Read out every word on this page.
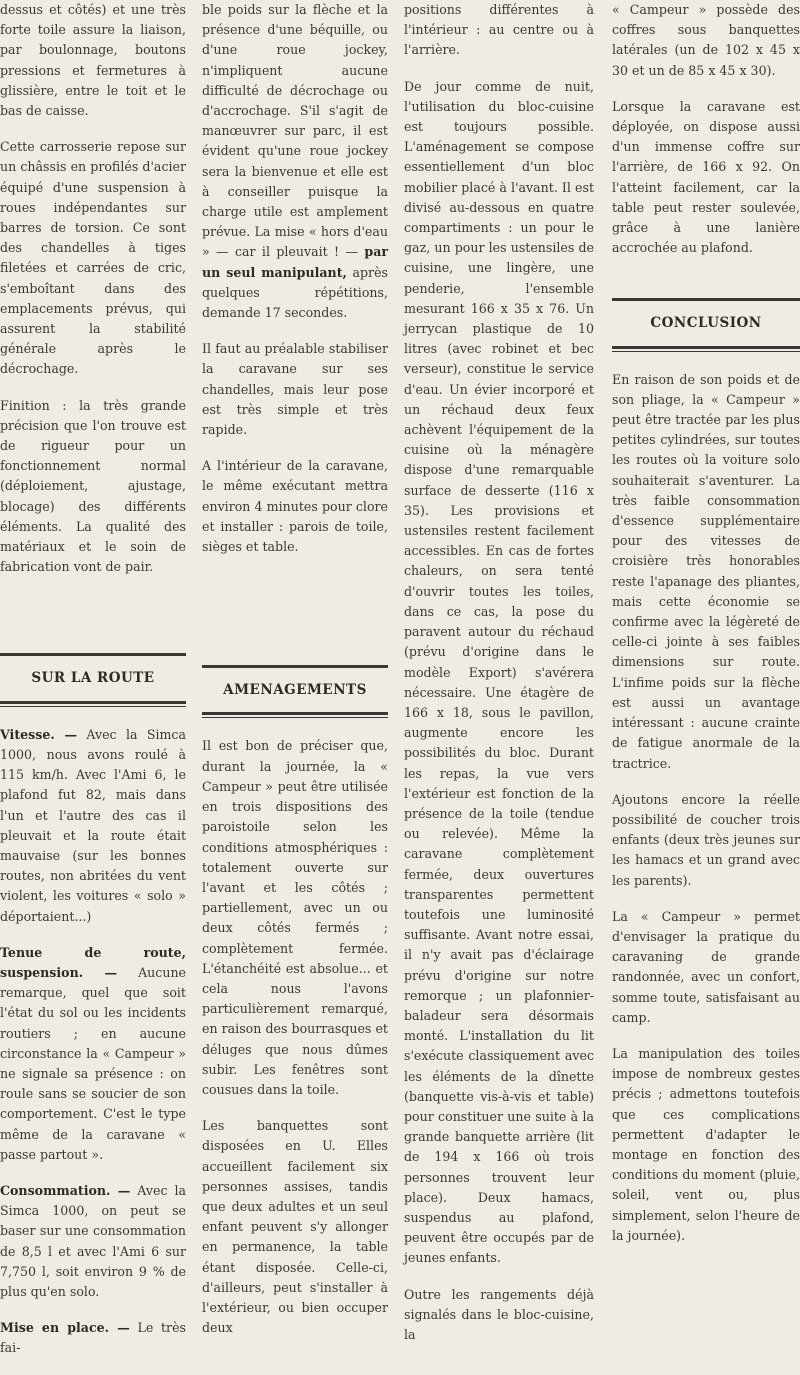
dessus et côtés) et une très forte toile assure la liaison, par boulonnage, boutons pressions et fermetures à glissière, entre le toit et le bas de caisse.

Cette carrosserie repose sur un châssis en profilés d'acier équipé d'une suspension à roues indépendantes sur barres de torsion. Ce sont des chandelles à tiges filetées et carrées de cric, s'emboîtant dans des emplacements prévus, qui assurent la stabilité générale après le décrochage.

Finition : la très grande précision que l'on trouve est de rigueur pour un fonctionnement normal (déploiement, ajustage, blocage) des différents éléments. La qualité des matériaux et le soin de fabrication vont de pair.

SUR LA ROUTE

Vitesse. — Avec la Simca 1000, nous avons roulé à 115 km/h. Avec l'Ami 6, le plafond fut 82, mais dans l'un et l'autre des cas il pleuvait et la route était mauvaise (sur les bonnes routes, non abritées du vent violent, les voitures « solo » déportaient...)

Tenue de route, suspension. — Aucune remarque, quel que soit l'état du sol ou les incidents routiers ; en aucune circonstance la « Campeur » ne signale sa présence : on roule sans se soucier de son comportement. C'est le type même de la caravane « passe partout ».

Consommation. — Avec la Simca 1000, on peut se baser sur une consommation de 8,5 l et avec l'Ami 6 sur 7,750 l, soit environ 9 % de plus qu'en solo.

Mise en place. — Le très fai-

ble poids sur la flèche et la présence d'une béquille, ou d'une roue jockey, n'impliquent aucune difficulté de décrochage ou d'accrochage. S'il s'agit de manœuvrer sur parc, il est évident qu'une roue jockey sera la bienvenue et elle est à conseiller puisque la charge utile est amplement prévue. La mise « hors d'eau » — car il pleuvait ! — par un seul manipulant, après quelques répétitions, demande 17 secondes.

Il faut au préalable stabiliser la caravane sur ses chandelles, mais leur pose est très simple et très rapide.

A l'intérieur de la caravane, le même exécutant mettra environ 4 minutes pour clore et installer : parois de toile, sièges et table.

AMENAGEMENTS

Il est bon de préciser que, durant la journée, la « Campeur » peut être utilisée en trois dispositions des paroistoile selon les conditions atmosphériques : totalement ouverte sur l'avant et les côtés ; partiellement, avec un ou deux côtés fermés ; complètement fermée. L'étanchéité est absolue... et cela nous l'avons particulièrement remarqué, en raison des bourrasques et déluges que nous dûmes subir. Les fenêtres sont cousues dans la toile.

Les banquettes sont disposées en U. Elles accueillent facilement six personnes assises, tandis que deux adultes et un seul enfant peuvent s'y allonger en permanence, la table étant disposée. Celle-ci, d'ailleurs, peut s'installer à l'extérieur, ou bien occuper deux

positions différentes à l'intérieur : au centre ou à l'arrière.

De jour comme de nuit, l'utilisation du bloc-cuisine est toujours possible. L'aménagement se compose essentiellement d'un bloc mobilier placé à l'avant. Il est divisé au-dessous en quatre compartiments : un pour le gaz, un pour les ustensiles de cuisine, une lingère, une penderie, l'ensemble mesurant 166 x 35 x 76. Un jerrycan plastique de 10 litres (avec robinet et bec verseur), constitue le service d'eau. Un évier incorporé et un réchaud deux feux achèvent l'équipement de la cuisine où la ménagère dispose d'une remarquable surface de desserte (116 x 35). Les provisions et ustensiles restent facilement accessibles. En cas de fortes chaleurs, on sera tenté d'ouvrir toutes les toiles, dans ce cas, la pose du paravent autour du réchaud (prévu d'origine dans le modèle Export) s'avérera nécessaire. Une étagère de 166 x 18, sous le pavillon, augmente encore les possibilités du bloc. Durant les repas, la vue vers l'extérieur est fonction de la présence de la toile (tendue ou relevée). Même la caravane complètement fermée, deux ouvertures transparentes permettent toutefois une luminosité suffisante. Avant notre essai, il n'y avait pas d'éclairage prévu d'origine sur notre remorque ; un plafonnier-baladeur sera désormais monté. L'installation du lit s'exécute classiquement avec les éléments de la dînette (banquette vis-à-vis et table) pour constituer une suite à la grande banquette arrière (lit de 194 x 166 où trois personnes trouvent leur place). Deux hamacs, suspendus au plafond, peuvent être occupés par de jeunes enfants.

Outre les rangements déjà signalés dans le bloc-cuisine, la

« Campeur » possède des coffres sous banquettes latérales (un de 102 x 45 x 30 et un de 85 x 45 x 30).

Lorsque la caravane est déployée, on dispose aussi d'un immense coffre sur l'arrière, de 166 x 92. On l'atteint facilement, car la table peut rester soulevée, grâce à une lanière accrochée au plafond.

CONCLUSION

En raison de son poids et de son pliage, la « Campeur » peut être tractée par les plus petites cylindrées, sur toutes les routes où la voiture solo souhaiterait s'aventurer. La très faible consommation d'essence supplémentaire pour des vitesses de croisière très honorables reste l'apanage des pliantes, mais cette économie se confirme avec la légèreté de celle-ci jointe à ses faibles dimensions sur route. L'infime poids sur la flèche est aussi un avantage intéressant : aucune crainte de fatigue anormale de la tractrice.

Ajoutons encore la réelle possibilité de coucher trois enfants (deux très jeunes sur les hamacs et un grand avec les parents).

La « Campeur » permet d'envisager la pratique du caravaning de grande randonnée, avec un confort, somme toute, satisfaisant au camp.

La manipulation des toiles impose de nombreux gestes précis ; admettons toutefois que ces complications permettent d'adapter le montage en fonction des conditions du moment (pluie, soleil, vent ou, plus simplement, selon l'heure de la journée).
